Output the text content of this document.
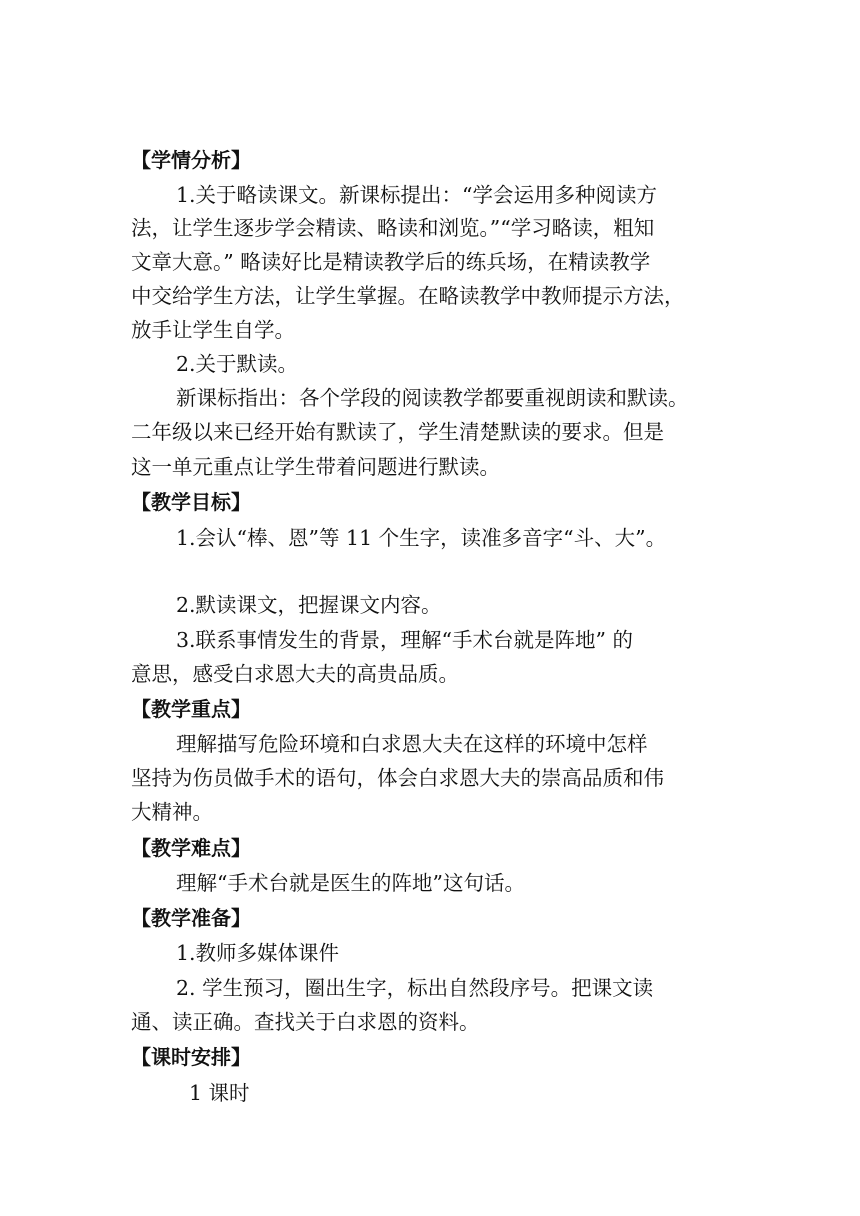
【学情分析】
1.关于略读课文。新课标提出：“学会运用多种阅读方
法，让学生逐步学会精读、略读和浏览。”“学习略读，粗知
文章大意。” 略读好比是精读教学后的练兵场，在精读教学
中交给学生方法，让学生掌握。在略读教学中教师提示方法，
放手让学生自学。
2.关于默读。
新课标指出：各个学段的阅读教学都要重视朗读和默读。
二年级以来已经开始有默读了，学生清楚默读的要求。但是
这一单元重点让学生带着问题进行默读。
【教学目标】
1.会认“棒、恩”等 11 个生字，读准多音字“斗、大”。
2.默读课文，把握课文内容。
3.联系事情发生的背景，理解“手术台就是阵地” 的
意思，感受白求恩大夫的高贵品质。
【教学重点】
理解描写危险环境和白求恩大夫在这样的环境中怎样
坚持为伤员做手术的语句，体会白求恩大夫的崇高品质和伟
大精神。
【教学难点】
理解“手术台就是医生的阵地”这句话。
【教学准备】
1.教师多媒体课件
2. 学生预习，圈出生字，标出自然段序号。把课文读
通、读正确。查找关于白求恩的资料。
【课时安排】
1 课时
